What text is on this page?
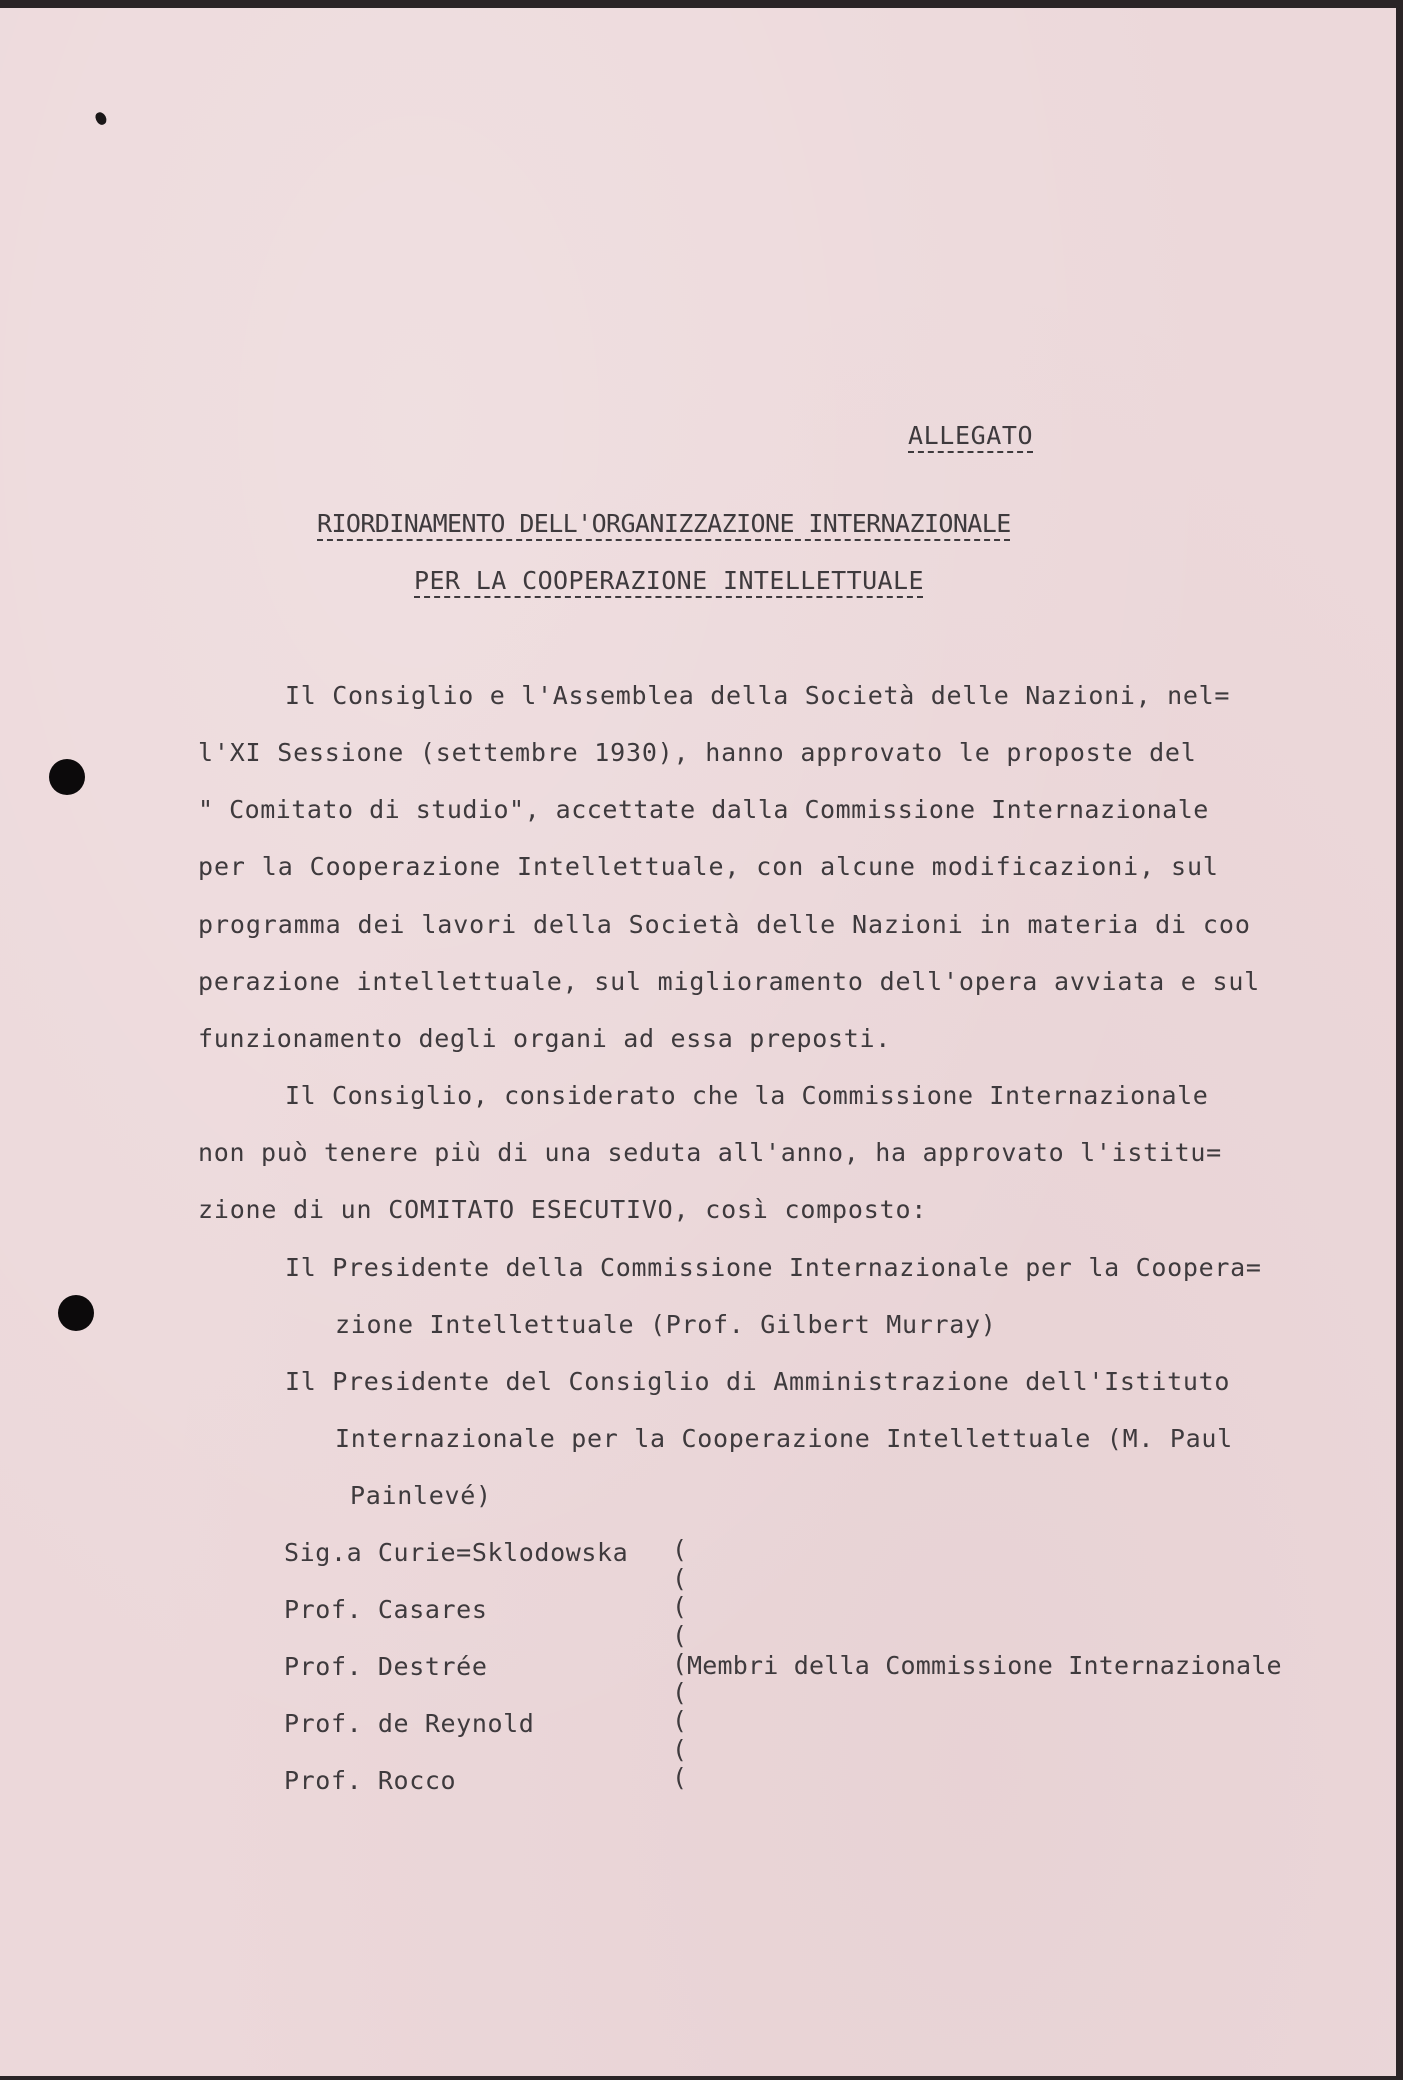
ALLEGATO
RIORDINAMENTO DELL'ORGANIZZAZIONE INTERNAZIONALE
PER LA COOPERAZIONE INTELLETTUALE
Il Consiglio e l'Assemblea della Società delle Nazioni, nel=
l'XI Sessione (settembre 1930), hanno approvato le proposte del
" Comitato di studio", accettate dalla Commissione Internazionale
per la Cooperazione Intellettuale, con alcune modificazioni, sul
programma dei lavori della Società delle Nazioni in materia di coo
perazione intellettuale, sul miglioramento dell'opera avviata e sul
funzionamento degli organi ad essa preposti.
Il Consiglio, considerato che la Commissione Internazionale
non può tenere più di una seduta all'anno, ha approvato l'istitu=
zione di un COMITATO ESECUTIVO, così composto:
Il Presidente della Commissione Internazionale per la Coopera=
zione Intellettuale (Prof. Gilbert Murray)
Il Presidente del Consiglio di Amministrazione dell'Istituto
Internazionale per la Cooperazione Intellettuale (M. Paul
Painlevé)
Sig.a Curie=Sklodowska
Prof. Casares
Prof. Destrée
Prof. de Reynold
Prof. Rocco
(
(
(
(
(
(
(
(
(
Membri della Commissione Internazionale
